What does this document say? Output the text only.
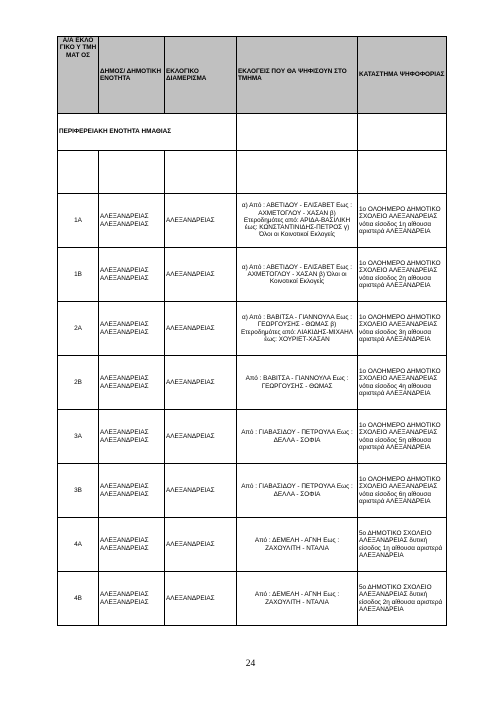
Α/Α ΕΚΛΟ ΓΙΚΟ Υ ΤΜΗ ΜΑΤ ΟΣ	ΔΗΜΟΣ/ ΔΗΜΟΤΙΚΗ ΕΝΟΤΗΤΑ	ΕΚΛΟΓΙΚΟ ΔΙΑΜΕΡΙΣΜΑ	ΕΚΛΟΓΕΙΣ ΠΟΥ ΘΑ ΨΗΦΙΣΟΥΝ ΣΤΟ ΤΜΗΜΑ	ΚΑΤΑΣΤΗΜΑ ΨΗΦΟΦΟΡΙΑΣ
ΠΕΡΙΦΕΡΕΙΑΚΗ ΕΝΟΤΗΤΑ ΗΜΑΘΙΑΣ				

1Α	ΑΛΕΞΑΝΔΡΕΙΑΣ ΑΛΕΞΑΝΔΡΕΙΑΣ	ΑΛΕΞΑΝΔΡΕΙΑΣ	α) Από : ΑΒΕΤΙΔΟΥ - ΕΛΙΣΑΒΕΤ Εως : ΑΧΜΕΤΟΓΛΟΥ - ΧΑΣΑΝ β) Ετεροδημότες από: ΑΡΙΔΑ-ΒΑΣΙΛΙΚΗ έως: ΚΩΝΣΤΑΝΤΙΝΙΔΗΣ-ΠΕΤΡΟΣ γ) Όλοι οι Κοινοτικοί Εκλογείς	1ο ΟΛΟΗΜΕΡΟ ΔΗΜΟΤΙΚΟ ΣΧΟΛΕΙΟ ΑΛΕΞΑΝΔΡΕΙΑΣ νότια είσοδος 1η αίθουσα αριστερά ΑΛΕΞΑΝΔΡΕΙΑ
1Β	ΑΛΕΞΑΝΔΡΕΙΑΣ ΑΛΕΞΑΝΔΡΕΙΑΣ	ΑΛΕΞΑΝΔΡΕΙΑΣ	α) Από : ΑΒΕΤΙΔΟΥ - ΕΛΙΣΑΒΕΤ Εως : ΑΧΜΕΤΟΓΛΟΥ - ΧΑΣΑΝ β) Όλοι οι Κοινοτικοί Εκλογείς	1ο ΟΛΟΗΜΕΡΟ ΔΗΜΟΤΙΚΟ ΣΧΟΛΕΙΟ ΑΛΕΞΑΝΔΡΕΙΑΣ νότια είσοδος 2η αίθουσα αριστερά ΑΛΕΞΑΝΔΡΕΙΑ
2Α	ΑΛΕΞΑΝΔΡΕΙΑΣ ΑΛΕΞΑΝΔΡΕΙΑΣ	ΑΛΕΞΑΝΔΡΕΙΑΣ	α) Από : ΒΑΒΙΤΣΑ - ΓΙΑΝΝΟΥΛΑ Εως : ΓΕΩΡΓΟΥΣΗΣ - ΘΩΜΑΣ β) Ετεροδημότες από: ΛΙΑΚΙΔΗΣ-ΜΙΧΑΗΛ έως: ΧΟΥΡΙΕΤ-ΧΑΣΑΝ	1ο ΟΛΟΗΜΕΡΟ ΔΗΜΟΤΙΚΟ ΣΧΟΛΕΙΟ ΑΛΕΞΑΝΔΡΕΙΑΣ νότια είσοδος 3η αίθουσα αριστερά ΑΛΕΞΑΝΔΡΕΙΑ
2Β	ΑΛΕΞΑΝΔΡΕΙΑΣ ΑΛΕΞΑΝΔΡΕΙΑΣ	ΑΛΕΞΑΝΔΡΕΙΑΣ	Από : ΒΑΒΙΤΣΑ - ΓΙΑΝΝΟΥΛΑ Εως : ΓΕΩΡΓΟΥΣΗΣ - ΘΩΜΑΣ	1ο ΟΛΟΗΜΕΡΟ ΔΗΜΟΤΙΚΟ ΣΧΟΛΕΙΟ ΑΛΕΞΑΝΔΡΕΙΑΣ νότια είσοδος 4η αίθουσα αριστερά ΑΛΕΞΑΝΔΡΕΙΑ
3Α	ΑΛΕΞΑΝΔΡΕΙΑΣ ΑΛΕΞΑΝΔΡΕΙΑΣ	ΑΛΕΞΑΝΔΡΕΙΑΣ	Από : ΓΙΑΒΑΣΙΔΟΥ - ΠΕΤΡΟΥΛΑ Εως : ΔΕΛΛΑ - ΣΟΦΙΑ	1ο ΟΛΟΗΜΕΡΟ ΔΗΜΟΤΙΚΟ ΣΧΟΛΕΙΟ ΑΛΕΞΑΝΔΡΕΙΑΣ νότια είσοδος 5η αίθουσα αριστερά ΑΛΕΞΑΝΔΡΕΙΑ
3Β	ΑΛΕΞΑΝΔΡΕΙΑΣ ΑΛΕΞΑΝΔΡΕΙΑΣ	ΑΛΕΞΑΝΔΡΕΙΑΣ	Από : ΓΙΑΒΑΣΙΔΟΥ - ΠΕΤΡΟΥΛΑ Εως : ΔΕΛΛΑ - ΣΟΦΙΑ	1ο ΟΛΟΗΜΕΡΟ ΔΗΜΟΤΙΚΟ ΣΧΟΛΕΙΟ ΑΛΕΞΑΝΔΡΕΙΑΣ νότια είσοδος 6η αίθουσα αριστερά ΑΛΕΞΑΝΔΡΕΙΑ
4Α	ΑΛΕΞΑΝΔΡΕΙΑΣ ΑΛΕΞΑΝΔΡΕΙΑΣ	ΑΛΕΞΑΝΔΡΕΙΑΣ	Από : ΔΕΜΕΛΗ - ΑΓΝΗ Εως : ΖΑΧΟΥΛΙΤΗ - ΝΤΑΛΙΑ	5ο ΔΗΜΟΤΙΚΟ ΣΧΟΛΕΙΟ ΑΛΕΞΑΝΔΡΕΙΑΣ δυτική είσοδος 1η αίθουσα αριστερά ΑΛΕΞΑΝΔΡΕΙΑ
4Β	ΑΛΕΞΑΝΔΡΕΙΑΣ ΑΛΕΞΑΝΔΡΕΙΑΣ	ΑΛΕΞΑΝΔΡΕΙΑΣ	Από : ΔΕΜΕΛΗ - ΑΓΝΗ Εως : ΖΑΧΟΥΛΙΤΗ - ΝΤΑΛΙΑ	5ο ΔΗΜΟΤΙΚΟ ΣΧΟΛΕΙΟ ΑΛΕΞΑΝΔΡΕΙΑΣ δυτική είσοδος 2η αίθουσα αριστερά ΑΛΕΞΑΝΔΡΕΙΑ
24
